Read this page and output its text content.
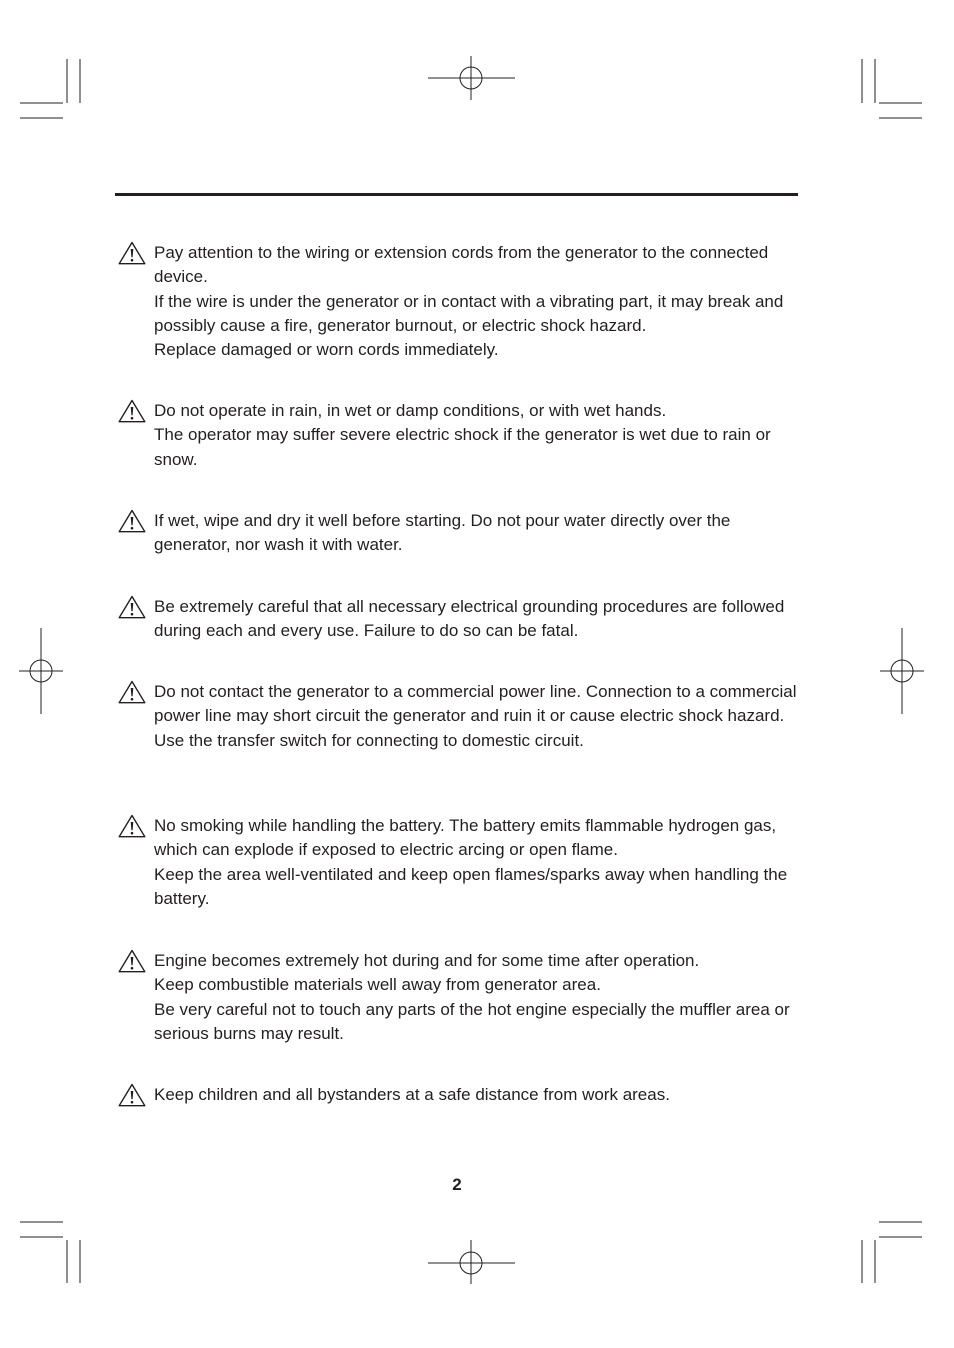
Pay attention to the wiring or extension cords from the generator to the connected device.

If the wire is under the generator or in contact with a vibrating part, it may break and possibly cause a fire, generator burnout, or electric shock hazard.

Replace damaged or worn cords immediately.

Do not operate in rain, in wet or damp conditions, or with wet hands.

The operator may suffer severe electric shock if the generator is wet due to rain or snow.

If wet, wipe and dry it well before starting. Do not pour water directly over the generator, nor wash it with water.

Be extremely careful that all necessary electrical grounding procedures are followed during each and every use. Failure to do so can be fatal.

Do not contact the generator to a commercial power line. Connection to a commercial power line may short circuit the generator and ruin it or cause electric shock hazard. Use the transfer switch for connecting to domestic circuit.

No smoking while handling the battery. The battery emits flammable hydrogen gas, which can explode if exposed to electric arcing or open flame.

Keep the area well-ventilated and keep open flames/sparks away when handling the battery.

Engine becomes extremely hot during and for some time after operation.

Keep combustible materials well away from generator area.

Be very careful not to touch any parts of the hot engine especially the muffler area or serious burns may result.

Keep children and all bystanders at a safe distance from work areas.

2
